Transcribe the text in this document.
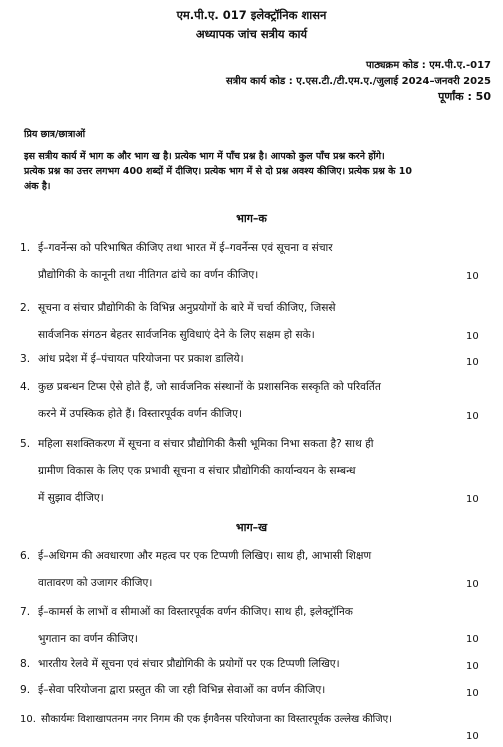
एम.पी.ए. 017 इलेक्ट्रॉनिक शासन
अध्यापक जांच सत्रीय कार्य
पाठ्यक्रम कोड : एम.पी.ए.-017
सत्रीय कार्य कोड : ए.एस.टी./टी.एम.ए./जुलाई 2024–जनवरी 2025
पूर्णांक : 50
प्रिय छात्र/छात्राओं
इस सत्रीय कार्य में भाग क और भाग ख है। प्रत्येक भाग में पाँच प्रश्न है। आपको कुल पाँच प्रश्न करने होंगे।
प्रत्येक प्रश्न का उत्तर लगभग 400 शब्दों में दीजिए। प्रत्येक भाग में से दो प्रश्न अवश्य कीजिए। प्रत्येक प्रश्न के 10
अंक है।
भाग–क
1. ई–गवर्नेन्स को परिभाषित कीजिए तथा भारत में ई–गवर्नेन्स एवं सूचना व संचार
प्रौद्योगिकी के कानूनी तथा नीतिगत ढांचे का वर्णन कीजिए।	10
2. सूचना व संचार प्रौद्योगिकी के विभिन्न अनुप्रयोगों के बारे में चर्चा कीजिए, जिससे
सार्वजनिक संगठन बेहतर सार्वजनिक सुविधाएं देने के लिए सक्षम हो सके।	10
3. आंध प्रदेश में ई–पंचायत परियोजना पर प्रकाश डालिये।	10
4. कुछ प्रबन्धन टिप्स ऐसे होते हैं, जो सार्वजनिक संस्थानों के प्रशासनिक सस्कृति को परिवर्तित
करने में उपस्किक होते हैं। विस्तारपूर्वक वर्णन कीजिए।	10
5. महिला सशक्तिकरण में सूचना व संचार प्रौद्योगिकी कैसी भूमिका निभा सकता है? साथ ही
ग्रामीण विकास के लिए एक प्रभावी सूचना व संचार प्रौद्योगिकी कार्यान्वयन के सम्बन्ध
में सुझाव दीजिए।	10
भाग–ख
6. ई–अधिगम की अवधारणा और महत्व पर एक टिप्पणी लिखिए। साथ ही, आभासी शिक्षण
वातावरण को उजागर कीजिए।	10
7. ई–कामर्स के लाभों व सीमाओं का विस्तारपूर्वक वर्णन कीजिए। साथ ही, इलेक्ट्रॉनिक
भुगतान का वर्णन कीजिए।	10
8. भारतीय रेलवे में सूचना एवं संचार प्रौद्योगिकी के प्रयोगों पर एक टिप्पणी लिखिए।	10
9. ई–सेवा परियोजना द्वारा प्रस्तुत की जा रही विभिन्न सेवाओं का वर्णन कीजिए।	10
10. सौकार्यमः विशाखापतनम नगर निगम की एक ईगवैनस परियोजना का विस्तारपूर्वक उल्लेख कीजिए।
10
